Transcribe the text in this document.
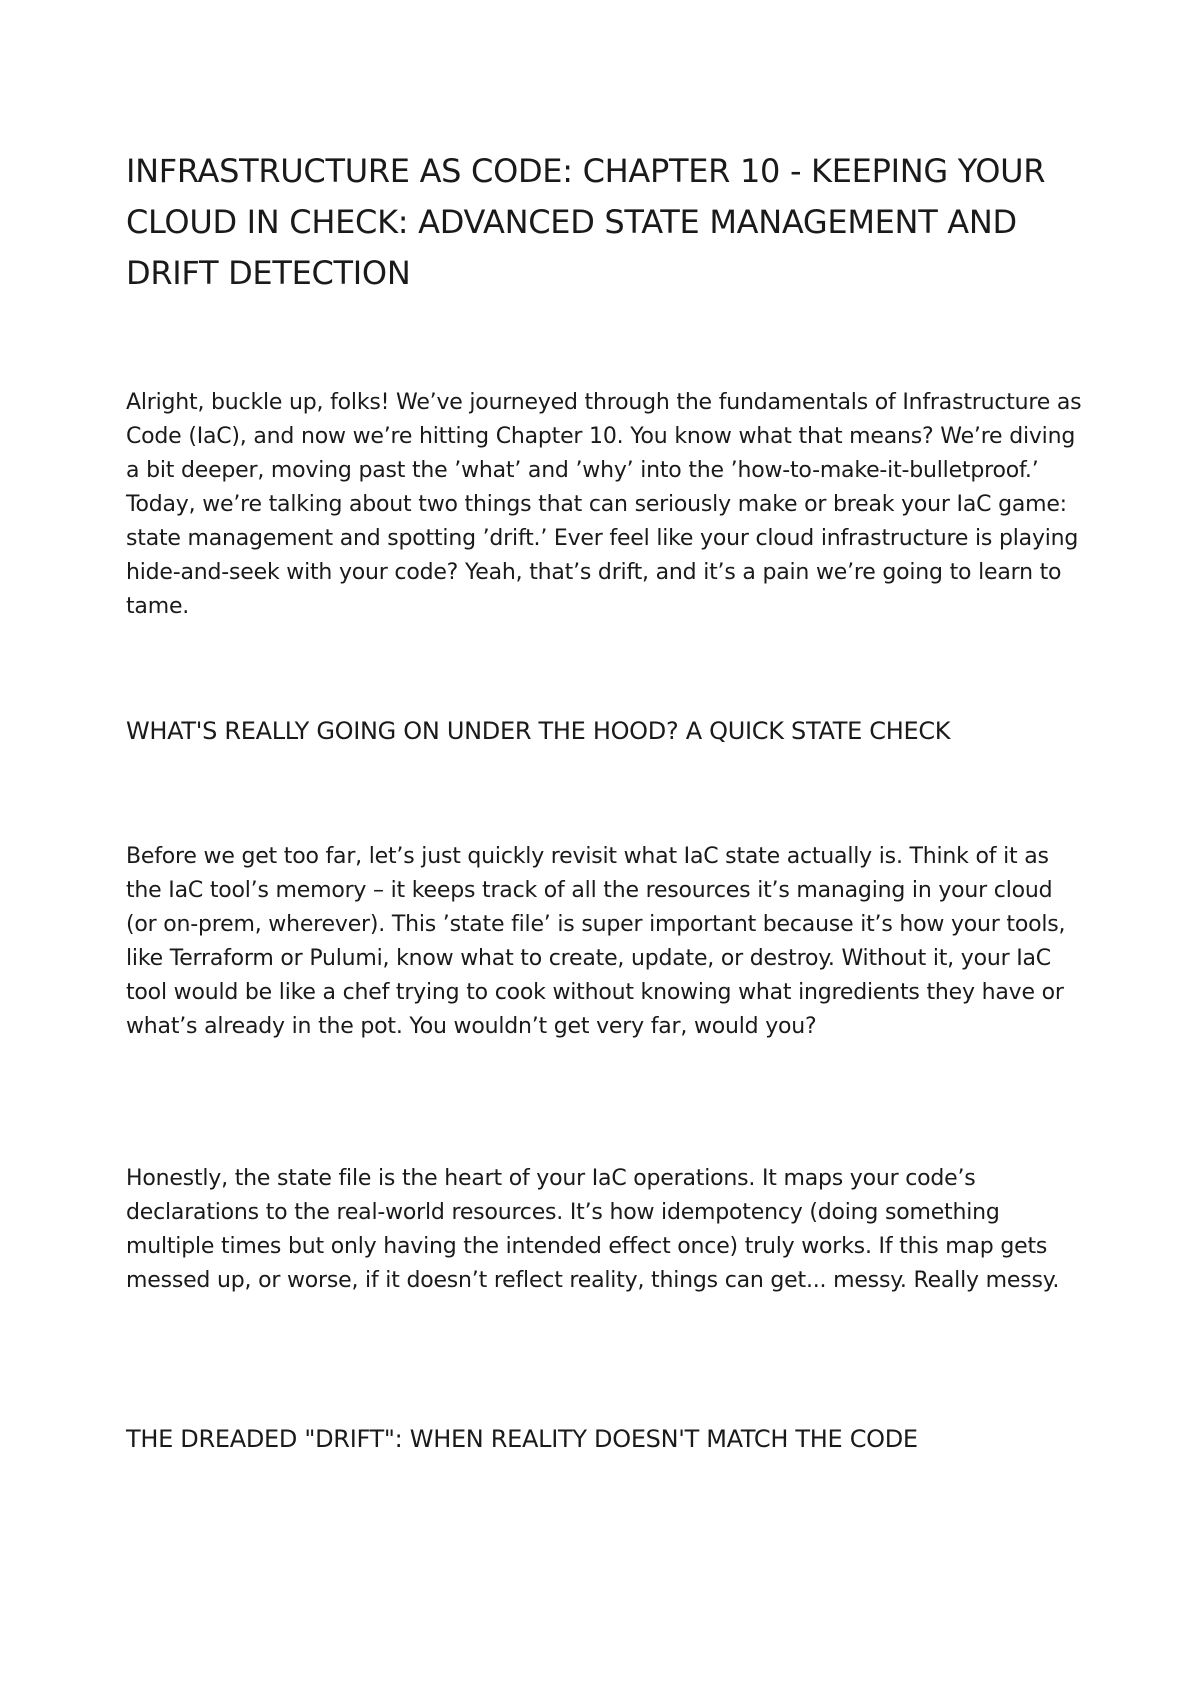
INFRASTRUCTURE AS CODE: CHAPTER 10 - KEEPING YOUR CLOUD IN CHECK: ADVANCED STATE MANAGEMENT AND DRIFT DETECTION

Alright, buckle up, folks! We’ve journeyed through the fundamentals of Infrastructure as Code (IaC), and now we’re hitting Chapter 10. You know what that means? We’re diving a bit deeper, moving past the ’what’ and ’why’ into the ’how-to-make-it-bulletproof.’ Today, we’re talking about two things that can seriously make or break your IaC game: state management and spotting ’drift.’ Ever feel like your cloud infrastructure is playing hide-and-seek with your code? Yeah, that’s drift, and it’s a pain we’re going to learn to tame.

WHAT'S REALLY GOING ON UNDER THE HOOD? A QUICK STATE CHECK

Before we get too far, let’s just quickly revisit what IaC state actually is. Think of it as the IaC tool’s memory – it keeps track of all the resources it’s managing in your cloud (or on-prem, wherever). This ’state file’ is super important because it’s how your tools, like Terraform or Pulumi, know what to create, update, or destroy. Without it, your IaC tool would be like a chef trying to cook without knowing what ingredients they have or what’s already in the pot. You wouldn’t get very far, would you?

Honestly, the state file is the heart of your IaC operations. It maps your code’s declarations to the real-world resources. It’s how idempotency (doing something multiple times but only having the intended effect once) truly works. If this map gets messed up, or worse, if it doesn’t reflect reality, things can get... messy. Really messy.

THE DREADED "DRIFT": WHEN REALITY DOESN'T MATCH THE CODE
